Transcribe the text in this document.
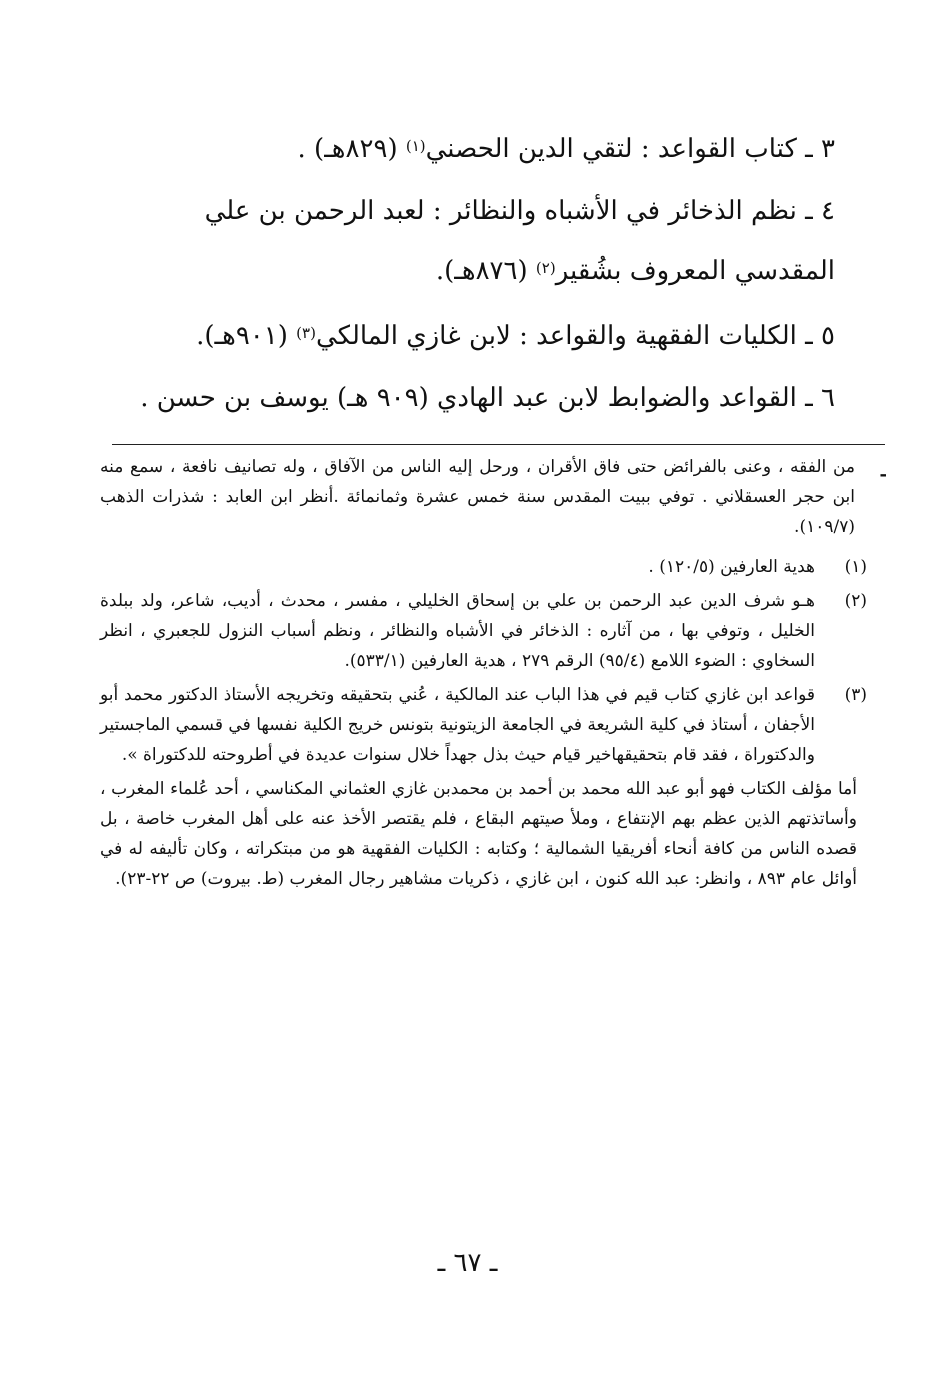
٣ ـ كتاب القواعد : لتقي الدين الحصني$^{(١)}$ (٨٢٩هـ) .
٤ ـ نظم الذخائر في الأشباه والنظائر : لعبد الرحمن بن علي المقدسي المعروف بشُقير$^{(٢)}$ (٨٧٦هـ).
٥ ـ الكليات الفقهية والقواعد : لابن غازي المالكي$^{(٣)}$ (٩٠١هـ).
٦ ـ القواعد والضوابط لابن عبد الهادي (٩٠٩ هـ) يوسف بن حسن .
-

من الفقه ، وعنى بالفرائض حتى فاق الأقران ، ورحل إليه الناس من الآفاق ، وله تصانيف نافعة ، سمع منه ابن حجر العسقلاني . توفي ببيت المقدس سنة خمس عشرة وثمانمائة .أنظر ابن العابد : شذرات الذهب (١٠٩/٧).

(١)

هدية العارفين (١٢٠/٥) .

(٢)

هـو شرف الدين عبد الرحمن بن علي بن إسحاق الخليلي ، مفسر ، محدث ، أديب، شاعر، ولد ببلدة الخليل ، وتوفي بها ، من آثاره : الذخائر في الأشباه والنظائر ، ونظم أسباب النزول للجعبري ، انظر السخاوي : الضوء اللامع (٩٥/٤) الرقم ٢٧٩ ، هدية العارفين (٥٣٣/١).

(٣)

قواعد ابن غازي كتاب قيم في هذا الباب عند المالكية ، عُني بتحقيقه وتخريجه الأستاذ الدكتور محمد أبو الأجفان ، أستاذ في كلية الشريعة في الجامعة الزيتونية بتونس خريج الكلية نفسها في قسمي الماجستير والدكتوراة ، فقد قام بتحقيقهاخير قيام حيث بذل جهداً خلال سنوات عديدة في أطروحته للدكتوراة ».

أما مؤلف الكتاب فهو أبو عبد الله محمد بن أحمد بن محمدبن غازي العثماني المكناسي ، أحد عُلماء المغرب ، وأساتذتهم الذين عظم بهم الإنتفاع ، وملأ صيتهم البقاع ، فلم يقتصر الأخذ عنه على أهل المغرب خاصة ، بل قصده الناس من كافة أنحاء أفريقيا الشمالية ؛ وكتابه : الكليات الفقهية هو من مبتكراته ، وكان تأليفه له في أوائل عام ٨٩٣ ، وانظر: عبد الله كنون ، ابن غازي ، ذكريات مشاهير رجال المغرب (ط. بيروت) ص ٢٢-٢٣).

ـ ٦٧ ـ
